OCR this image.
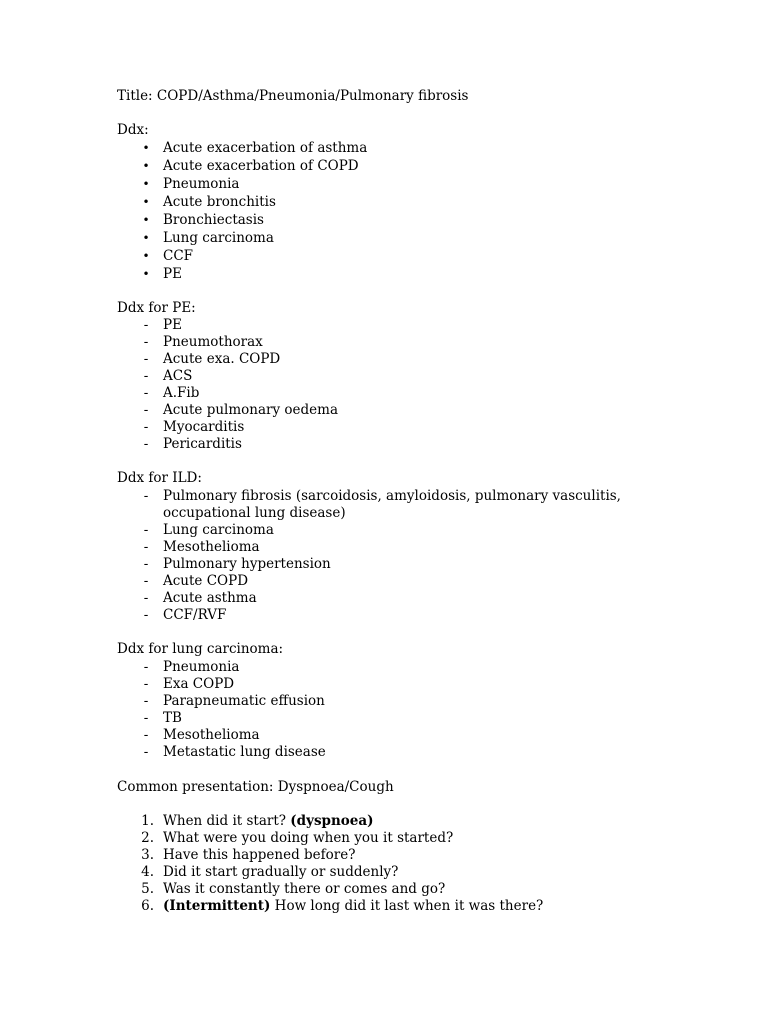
Title: COPD/Asthma/Pneumonia/Pulmonary fibrosis
Ddx:
• Acute exacerbation of asthma
• Acute exacerbation of COPD
• Pneumonia
• Acute bronchitis
• Bronchiectasis
• Lung carcinoma
• CCF
• PE
Ddx for PE:
- PE
- Pneumothorax
- Acute exa. COPD
- ACS
- A.Fib
- Acute pulmonary oedema
- Myocarditis
- Pericarditis
Ddx for ILD:
- Pulmonary fibrosis (sarcoidosis, amyloidosis, pulmonary vasculitis,
occupational lung disease)
- Lung carcinoma
- Mesothelioma
- Pulmonary hypertension
- Acute COPD
- Acute asthma
- CCF/RVF
Ddx for lung carcinoma:
- Pneumonia
- Exa COPD
- Parapneumatic effusion
- TB
- Mesothelioma
- Metastatic lung disease
Common presentation: Dyspnoea/Cough
1. When did it start? (dyspnoea)
2. What were you doing when you it started?
3. Have this happened before?
4. Did it start gradually or suddenly?
5. Was it constantly there or comes and go?
6. (Intermittent) How long did it last when it was there?
